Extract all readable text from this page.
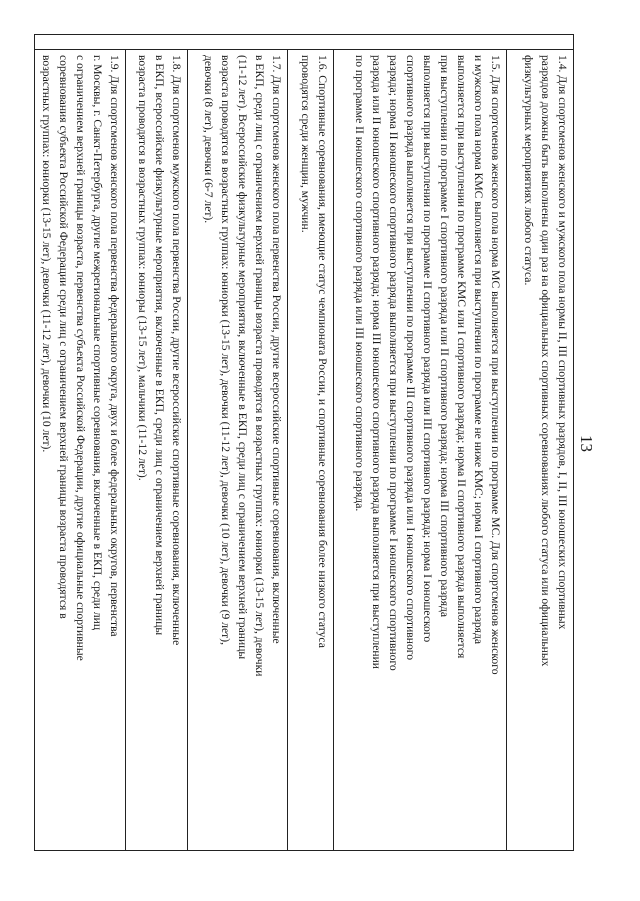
13
1.4. Для спортсменов женского и мужского пола нормы II, III спортивных разрядов, I, II, III юношеских спортивных
разрядов должны быть выполнены один раз на официальных спортивных соревнованиях любого статуса или официальных
физкультурных мероприятиях любого статуса.
1.5. Для спортсменов женского пола норма МС выполняется при выступлении по программе МС. Для спортсменов женского
и мужского пола норма КМС выполняется при выступлении по программе не ниже КМС; норма I спортивного разряда
выполняется при выступлении по программе КМС или I спортивного разряда; норма II спортивного разряда выполняется
при выступлении по программе I спортивного разряда или II спортивного разряда; норма III спортивного разряда
выполняется при выступлении по программе II спортивного разряда или III спортивного разряда; норма I юношеского
спортивного разряда выполняется при выступлении по программе III спортивного разряда или I юношеского спортивного
разряда; норма II юношеского спортивного разряда выполняется при выступлении по программе I юношеского спортивного
разряда или II юношеского спортивного разряда; норма III юношеского спортивного разряда выполняется при выступлении
по программе II юношеского спортивного разряда или III юношеского спортивного разряда.
1.6. Спортивные соревнования, имеющие статус чемпионата России, и спортивные соревнования более низкого статуса
проводятся среди женщин, мужчин.
1.7. Для спортсменов женского пола первенства России, другие всероссийские спортивные соревнования, включенные
в ЕКП, среди лиц с ограничением верхней границы возраста проводятся в возрастных группах: юниорки (13-15 лет), девочки
(11-12 лет). Всероссийские физкультурные мероприятия, включенные в ЕКП, среди лиц с ограничением верхней границы
возраста проводятся в возрастных группах: юниорки (13-15 лет), девочки (11-12 лет), девочки (10 лет), девочки (9 лет),
девочки (8 лет), девочки (6-7 лет).
1.8. Для спортсменов мужского пола первенства России, другие всероссийские спортивные соревнования, включенные
в ЕКП, всероссийские физкультурные мероприятия, включенные в ЕКП, среди лиц с ограничением верхней границы
возраста проводятся в возрастных группах: юниоры (13-15 лет), мальчики (11-12 лет).
1.9. Для спортсменов женского пола первенства федерального округа, двух и более федеральных округов, первенства
г. Москвы, г. Санкт-Петербурга, другие межрегиональные спортивные соревнования, включенные в ЕКП, среди лиц
с ограничением верхней границы возраста, первенства субъекта Российской Федерации, другие официальные спортивные
соревнования субъекта Российской Федерации среди лиц с ограничением верхней границы возраста проводятся в
возрастных группах: юниорки (13-15 лет), девочки (11-12 лет), девочки (10 лет).
